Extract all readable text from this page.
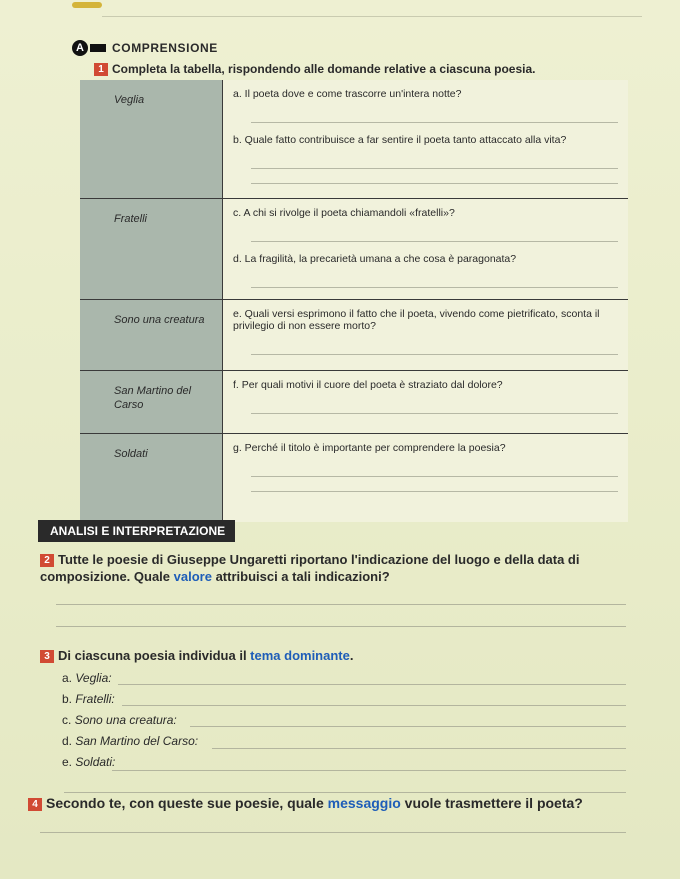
A	COMPRENSIONE
1 Completa la tabella, rispondendo alle domande relative a ciascuna poesia.
Veglia	a. Il poeta dove e come trascorre un'intera notte?
b. Quale fatto contribuisce a far sentire il poeta tanto attaccato alla vita?

Fratelli	c. A chi si rivolge il poeta chiamandoli «fratelli»?
d. La fragilità, la precarietà umana a che cosa è paragonata?

Sono una creatura	e. Quali versi esprimono il fatto che il poeta, vivendo come pietrificato, sconta il privilegio di non essere morto?

San Martino del Carso	f. Per quali motivi il cuore del poeta è straziato dal dolore?

Soldati	g. Perché il titolo è importante per comprendere la poesia?
ANALISI E INTERPRETAZIONE
2 Tutte le poesie di Giuseppe Ungaretti riportano l'indicazione del luogo e della data di composizione. Quale valore attribuisci a tali indicazioni?
3 Di ciascuna poesia individua il tema dominante.
a. Veglia:
b. Fratelli:
c. Sono una creatura:
d. San Martino del Carso:
e. Soldati:
4 Secondo te, con queste sue poesie, quale messaggio vuole trasmettere il poeta?
